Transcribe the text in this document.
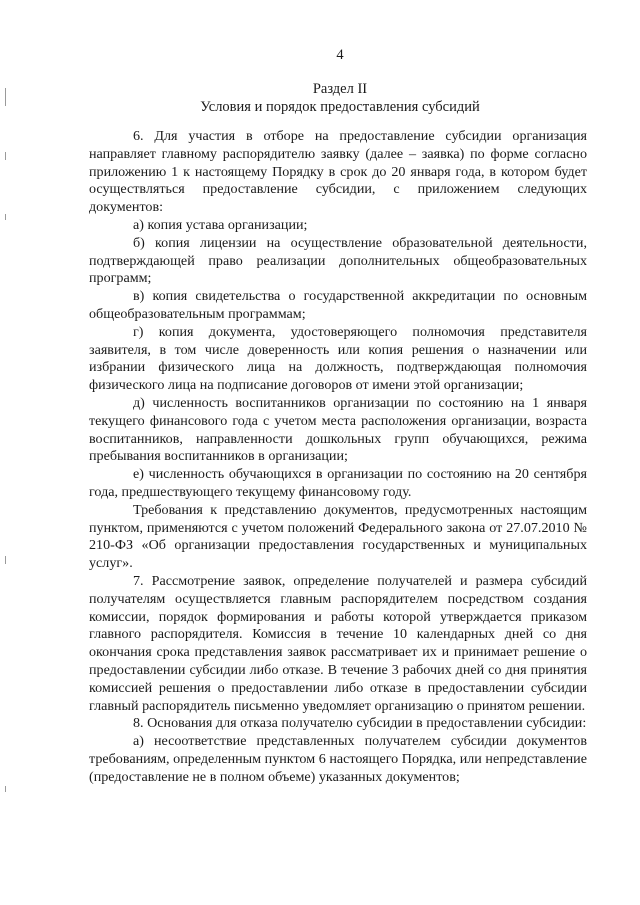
4
Раздел II
Условия и порядок предоставления субсидий

6. Для участия в отборе на предоставление субсидии организация направляет главному распорядителю заявку (далее – заявка) по форме согласно приложению 1 к настоящему Порядку в срок до 20 января года, в котором будет осуществляться предоставление субсидии, с приложением следующих документов:

а) копия устава организации;

б) копия лицензии на осуществление образовательной деятельности, подтверждающей право реализации дополнительных общеобразовательных программ;

в) копия свидетельства о государственной аккредитации по основным общеобразовательным программам;

г) копия документа, удостоверяющего полномочия представителя заявителя, в том числе доверенность или копия решения о назначении или избрании физического лица на должность, подтверждающая полномочия физического лица на подписание договоров от имени этой организации;

д) численность воспитанников организации по состоянию на 1 января текущего финансового года с учетом места расположения организации, возраста воспитанников, направленности дошкольных групп обучающихся, режима пребывания воспитанников в организации;

е) численность обучающихся в организации по состоянию на 20 сентября года, предшествующего текущему финансовому году.

Требования к представлению документов, предусмотренных настоящим пунктом, применяются с учетом положений Федерального закона от 27.07.2010 № 210-ФЗ «Об организации предоставления государственных и муниципальных услуг».

7. Рассмотрение заявок, определение получателей и размера субсидий получателям осуществляется главным распорядителем посредством создания комиссии, порядок формирования и работы которой утверждается приказом главного распорядителя. Комиссия в течение 10 календарных дней со дня окончания срока представления заявок рассматривает их и принимает решение о предоставлении субсидии либо отказе. В течение 3 рабочих дней со дня принятия комиссией решения о предоставлении либо отказе в предоставлении субсидии главный распорядитель письменно уведомляет организацию о принятом решении.

8. Основания для отказа получателю субсидии в предоставлении субсидии:

а) несоответствие представленных получателем субсидии документов требованиям, определенным пунктом 6 настоящего Порядка, или непредставление (предоставление не в полном объеме) указанных документов;
